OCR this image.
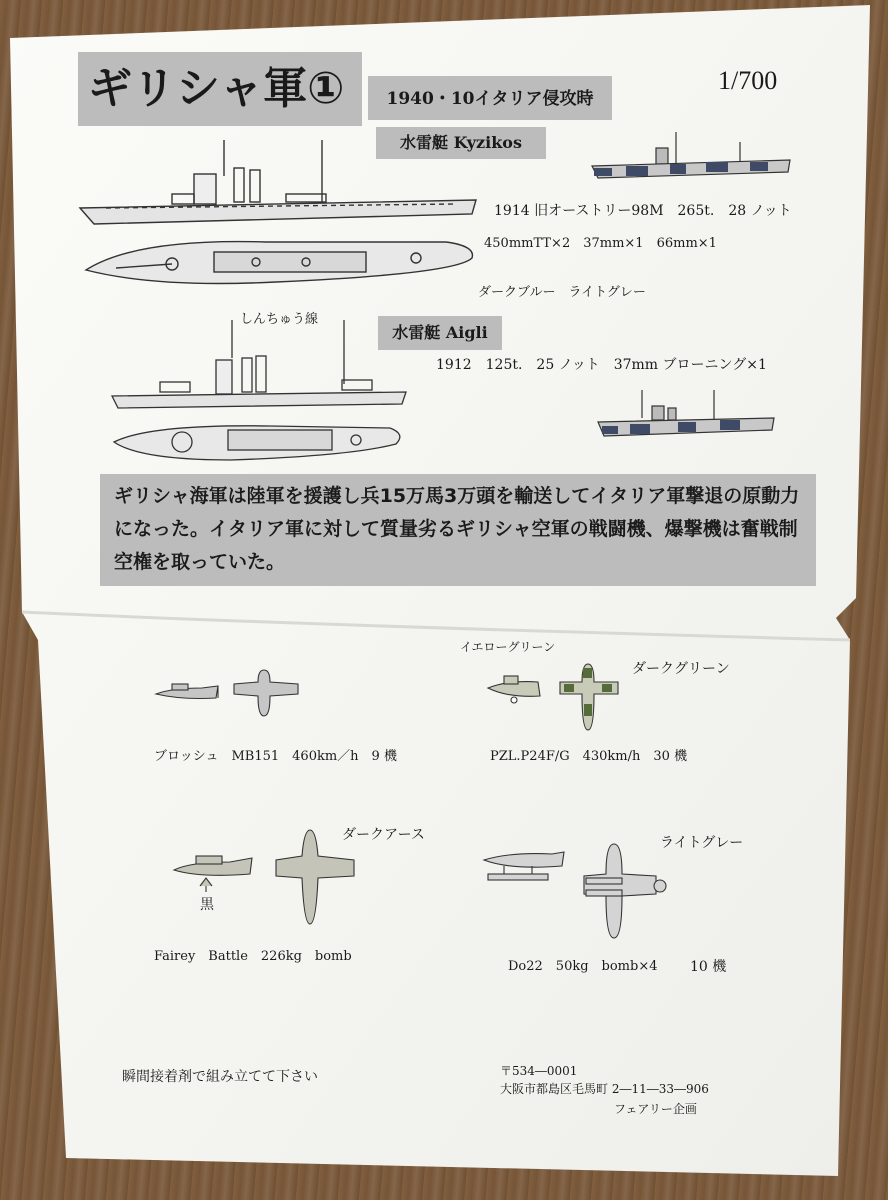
ギリシャ軍①	1940・10イタリア侵攻時
1/700
水雷艇 Kyzikos
1914 旧オーストリー98M　265t.　28 ノット
450mmTT×2　37mm×1　66mm×1
ダークブルー　ライトグレー
しんちゅう線
水雷艇 Aigli
1912　125t.　25 ノット　37mm ブローニング×1
ギリシャ海軍は陸軍を援護し兵15万馬3万頭を輸送してイタリア軍撃退の原動力になった。イタリア軍に対して質量劣るギリシャ空軍の戦闘機、爆撃機は奮戦制空権を取っていた。
ブロッシュ　MB151　460km／h　9 機
イエローグリーン
ダークグリーン
PZL.P24F/G　430km/h　30 機
ダークアース
黒
Fairey　Battle　226kg　bomb
ライトグレー
Do22　50kg　bomb×4 10 機
瞬間接着剤で組み立てて下さい	〒534―0001
大阪市都島区毛馬町 2―11―33―906
フェアリー企画
